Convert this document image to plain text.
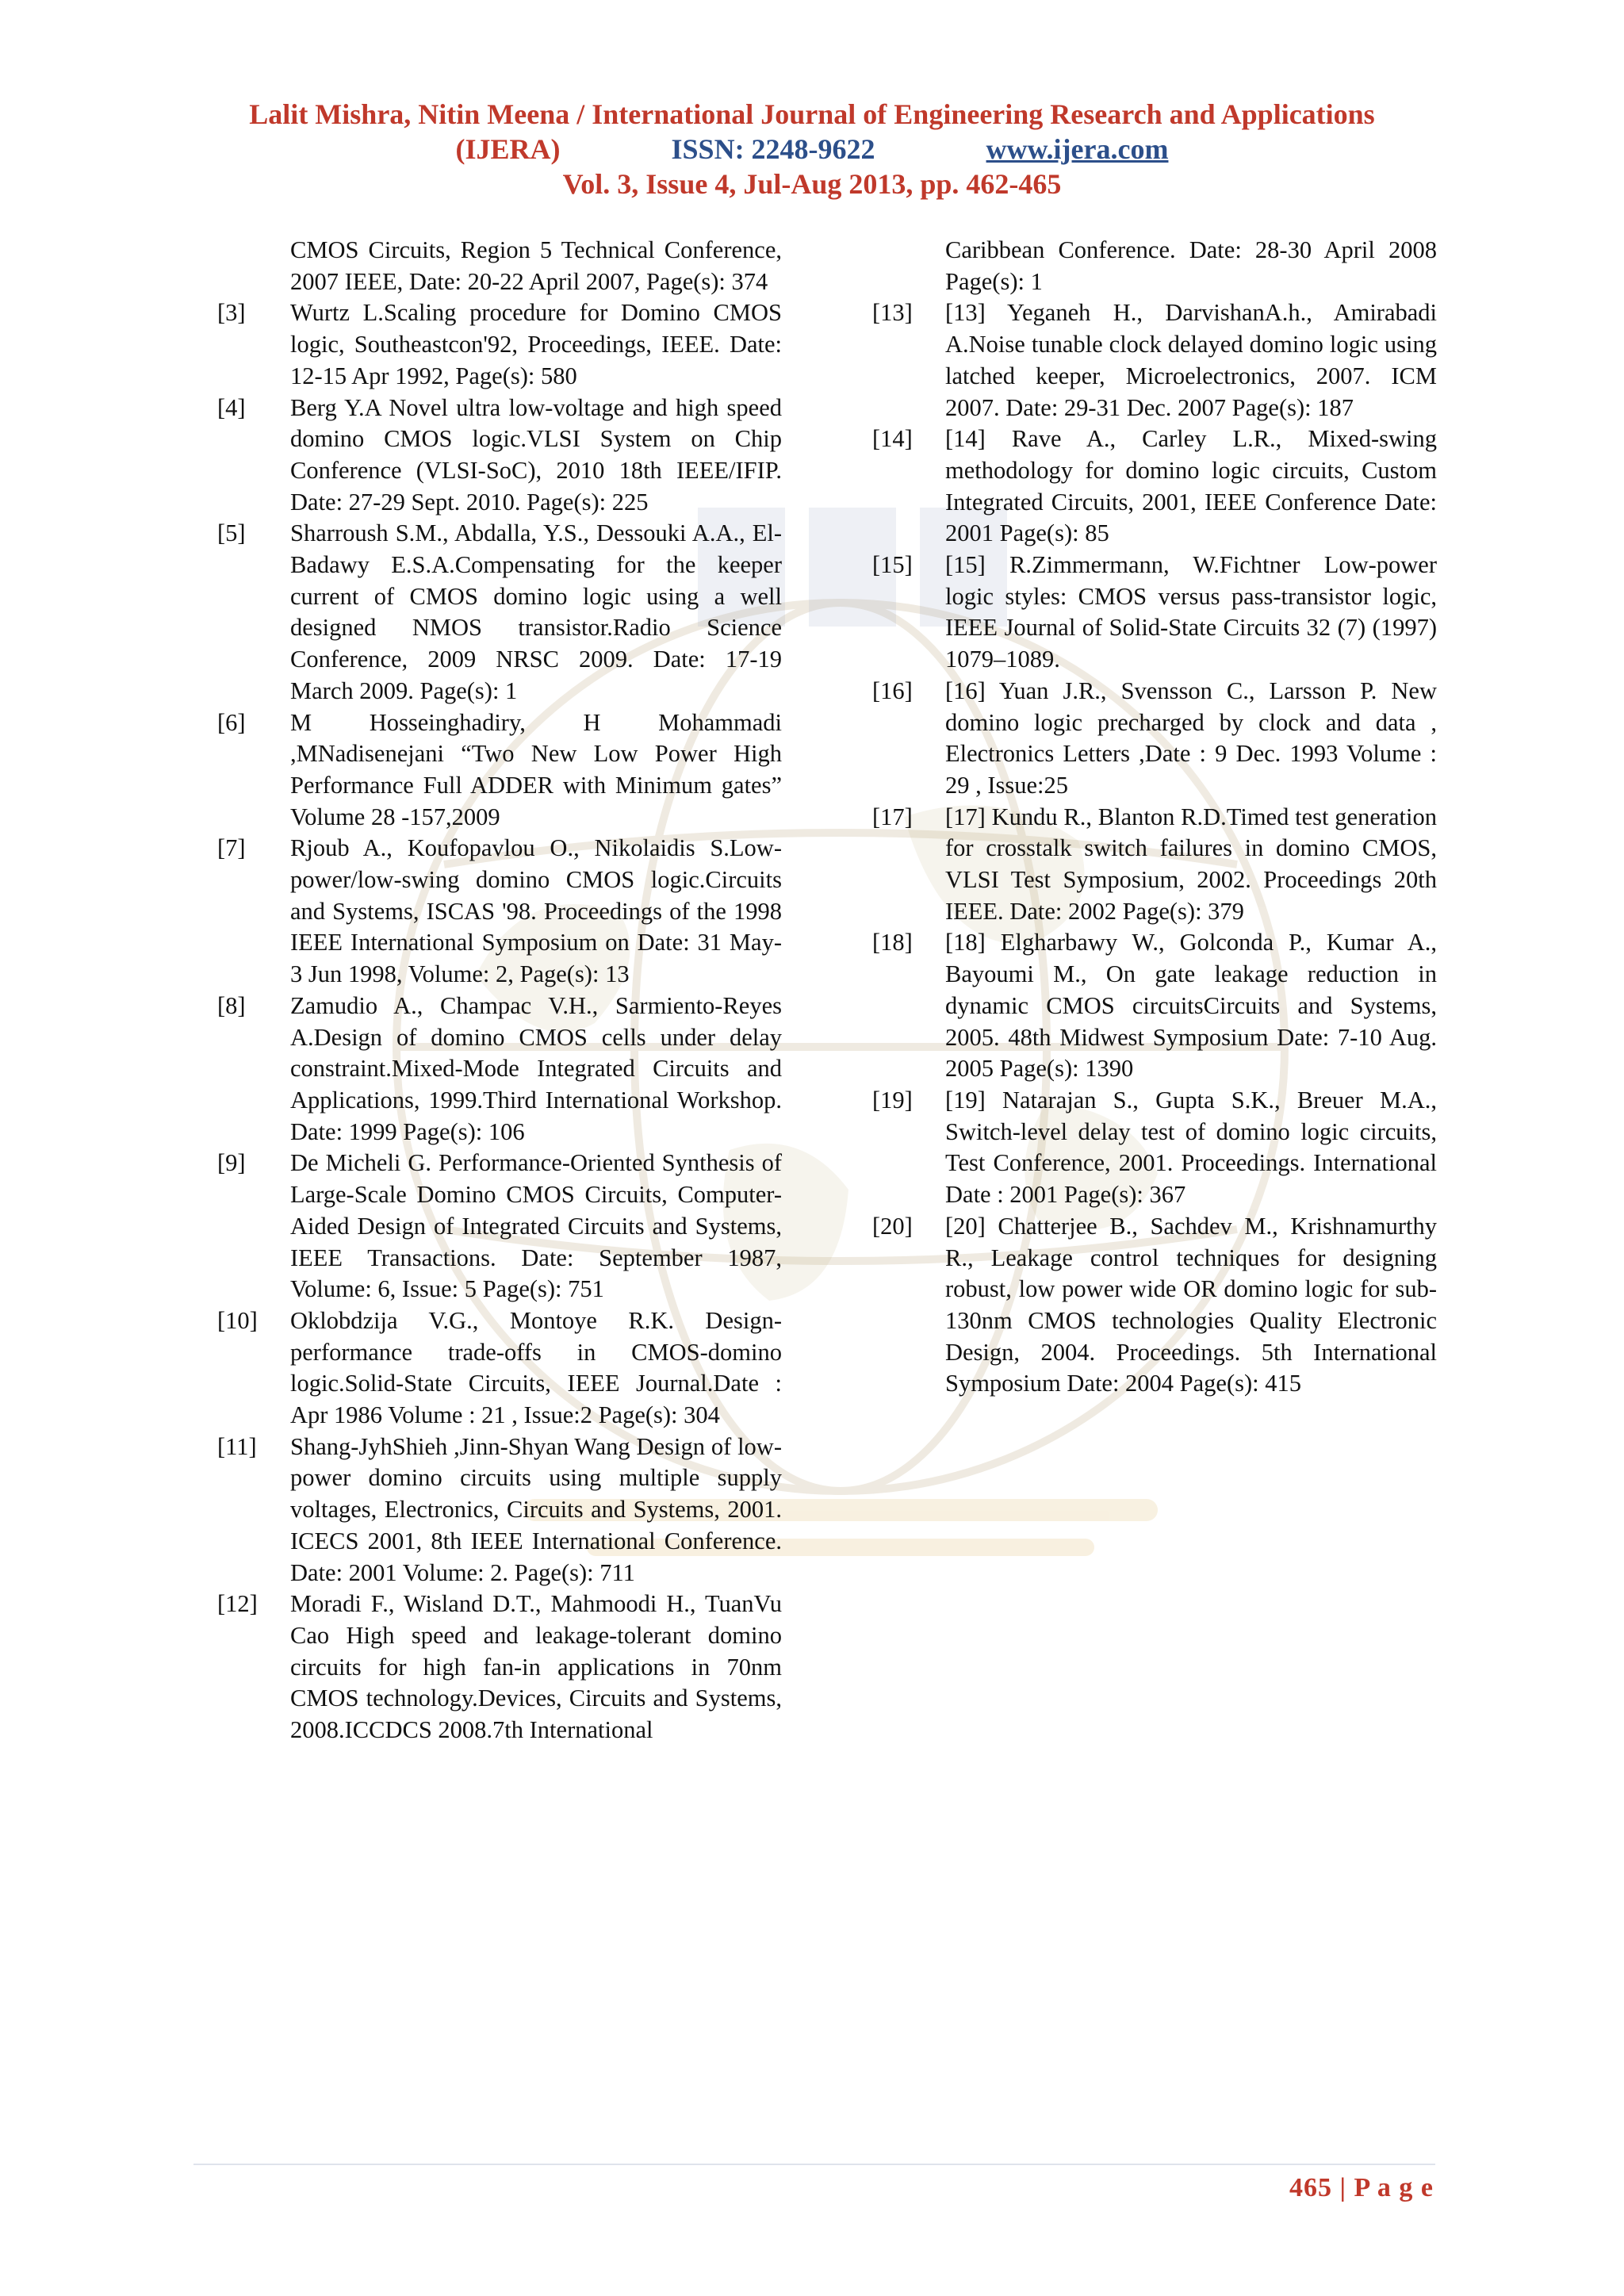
Lalit Mishra, Nitin Meena / International Journal of Engineering Research and Applications
(IJERA)	ISSN: 2248-9622	www.ijera.com
Vol. 3, Issue 4, Jul-Aug 2013, pp. 462-465
CMOS Circuits, Region 5 Technical Conference, 2007 IEEE, Date: 20-22 April 2007, Page(s): 374
[3]	Wurtz L.Scaling procedure for Domino CMOS logic, Southeastcon'92, Proceedings, IEEE. Date: 12-15 Apr 1992, Page(s): 580
[4]	Berg Y.A Novel ultra low-voltage and high speed domino CMOS logic.VLSI System on Chip Conference (VLSI-SoC), 2010 18th IEEE/IFIP. Date: 27-29 Sept. 2010. Page(s): 225
[5]	Sharroush S.M., Abdalla, Y.S., Dessouki A.A., El-Badawy E.S.A.Compensating for the keeper current of CMOS domino logic using a well designed NMOS transistor.Radio Science Conference, 2009 NRSC 2009. Date: 17-19 March 2009. Page(s): 1
[6]	M Hosseinghadiry, H Mohammadi ,MNadisenejani “Two New Low Power High Performance Full ADDER with Minimum gates” Volume 28 -157,2009
[7]	Rjoub A., Koufopavlou O., Nikolaidis S.Low-power/low-swing domino CMOS logic.Circuits and Systems, ISCAS '98. Proceedings of the 1998 IEEE International Symposium on Date: 31 May-3 Jun 1998, Volume: 2, Page(s): 13
[8]	Zamudio A., Champac V.H., Sarmiento-Reyes A.Design of domino CMOS cells under delay constraint.Mixed-Mode Integrated Circuits and Applications, 1999.Third International Workshop. Date: 1999 Page(s): 106
[9]	De Micheli G. Performance-Oriented Synthesis of Large-Scale Domino CMOS Circuits, Computer-Aided Design of Integrated Circuits and Systems, IEEE Transactions. Date: September 1987, Volume: 6, Issue: 5 Page(s): 751
[10]	Oklobdzija V.G., Montoye R.K. Design-performance trade-offs in CMOS-domino logic.Solid-State Circuits, IEEE Journal.Date : Apr 1986 Volume : 21 , Issue:2 Page(s): 304
[11]	Shang-JyhShieh ,Jinn-Shyan Wang Design of low-power domino circuits using multiple supply voltages, Electronics, Circuits and Systems, 2001. ICECS 2001, 8th IEEE International Conference. Date: 2001 Volume: 2. Page(s): 711
[12]	Moradi F., Wisland D.T., Mahmoodi H., TuanVu Cao High speed and leakage-tolerant domino circuits for high fan-in applications in 70nm CMOS technology.Devices, Circuits and Systems, 2008.ICCDCS 2008.7th International
Caribbean Conference. Date: 28-30 April 2008 Page(s): 1
[13]	[13] Yeganeh H., DarvishanA.h., Amirabadi A.Noise tunable clock delayed domino logic using latched keeper, Microelectronics, 2007. ICM 2007. Date: 29-31 Dec. 2007 Page(s): 187
[14]	[14] Rave A., Carley L.R., Mixed-swing methodology for domino logic circuits, Custom Integrated Circuits, 2001, IEEE Conference Date: 2001 Page(s): 85
[15]	[15] R.Zimmermann, W.Fichtner Low-power logic styles: CMOS versus pass-transistor logic, IEEE Journal of Solid-State Circuits 32 (7) (1997) 1079–1089.
[16]	[16] Yuan J.R., Svensson C., Larsson P. New domino logic precharged by clock and data , Electronics Letters ,Date : 9 Dec. 1993 Volume : 29 , Issue:25
[17]	[17] Kundu R., Blanton R.D.Timed test generation for crosstalk switch failures in domino CMOS, VLSI Test Symposium, 2002. Proceedings 20th IEEE. Date: 2002 Page(s): 379
[18]	[18] Elgharbawy W., Golconda P., Kumar A., Bayoumi M., On gate leakage reduction in dynamic CMOS circuitsCircuits and Systems, 2005. 48th Midwest Symposium Date: 7-10 Aug. 2005 Page(s): 1390
[19]	[19] Natarajan S., Gupta S.K., Breuer M.A., Switch-level delay test of domino logic circuits, Test Conference, 2001. Proceedings. International Date : 2001 Page(s): 367
[20]	[20] Chatterjee B., Sachdev M., Krishnamurthy R., Leakage control techniques for designing robust, low power wide OR domino logic for sub-130nm CMOS technologies Quality Electronic Design, 2004. Proceedings. 5th International Symposium Date: 2004 Page(s): 415
465 | P a g e
